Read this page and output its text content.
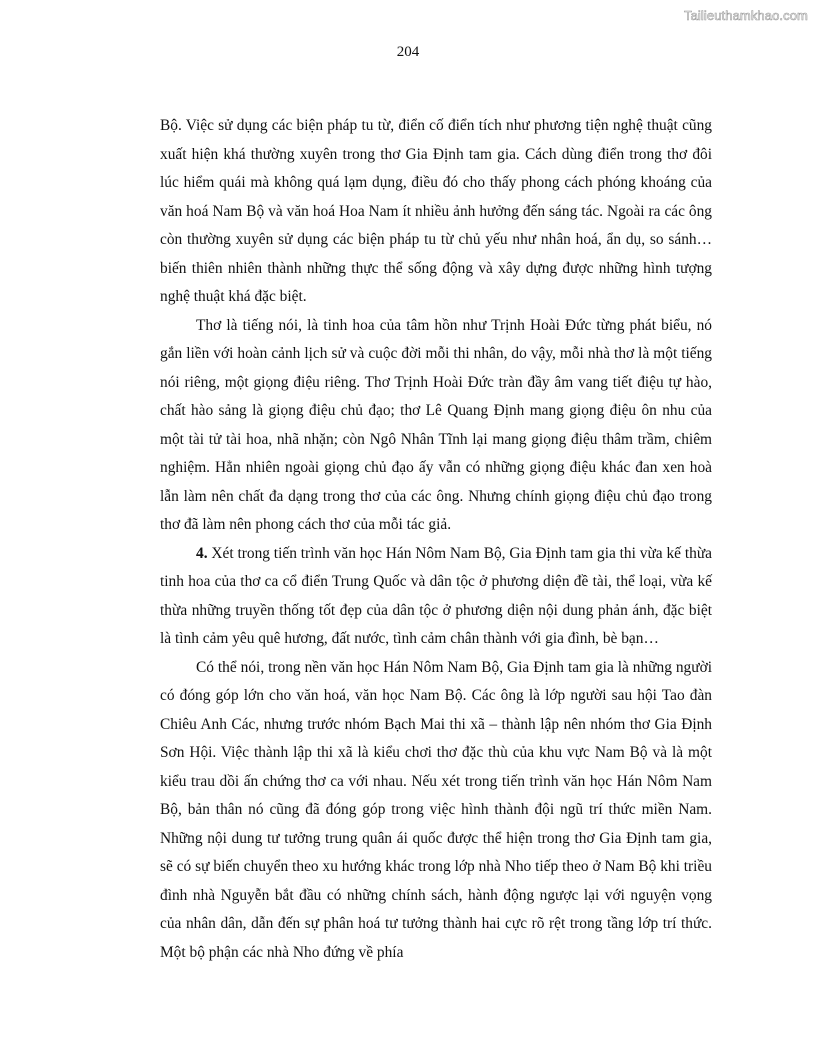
Tailieuthamkhao.com
204

Bộ. Việc sử dụng các biện pháp tu từ, điển cố điển tích như phương tiện nghệ thuật cũng xuất hiện khá thường xuyên trong thơ Gia Định tam gia. Cách dùng điển trong thơ đôi lúc hiểm quái mà không quá lạm dụng, điều đó cho thấy phong cách phóng khoáng của văn hoá Nam Bộ và văn hoá Hoa Nam ít nhiều ảnh hưởng đến sáng tác. Ngoài ra các ông còn thường xuyên sử dụng các biện pháp tu từ chủ yếu như nhân hoá, ẩn dụ, so sánh… biến thiên nhiên thành những thực thể sống động và xây dựng được những hình tượng nghệ thuật khá đặc biệt.

Thơ là tiếng nói, là tinh hoa của tâm hồn như Trịnh Hoài Đức từng phát biểu, nó gắn liền với hoàn cảnh lịch sử và cuộc đời mỗi thi nhân, do vậy, mỗi nhà thơ là một tiếng nói riêng, một giọng điệu riêng. Thơ Trịnh Hoài Đức tràn đầy âm vang tiết điệu tự hào, chất hào sảng là giọng điệu chủ đạo; thơ Lê Quang Định mang giọng điệu ôn nhu của một tài tử tài hoa, nhã nhặn; còn Ngô Nhân Tĩnh lại mang giọng điệu thâm trầm, chiêm nghiệm. Hẳn nhiên ngoài giọng chủ đạo ấy vẫn có những giọng điệu khác đan xen hoà lẫn làm nên chất đa dạng trong thơ của các ông. Nhưng chính giọng điệu chủ đạo trong thơ đã làm nên phong cách thơ của mỗi tác giả.

4. Xét trong tiến trình văn học Hán Nôm Nam Bộ, Gia Định tam gia thi vừa kế thừa tinh hoa của thơ ca cổ điển Trung Quốc và dân tộc ở phương diện đề tài, thể loại, vừa kế thừa những truyền thống tốt đẹp của dân tộc ở phương diện nội dung phản ánh, đặc biệt là tình cảm yêu quê hương, đất nước, tình cảm chân thành với gia đình, bè bạn…

Có thể nói, trong nền văn học Hán Nôm Nam Bộ, Gia Định tam gia là những người có đóng góp lớn cho văn hoá, văn học Nam Bộ. Các ông là lớp người sau hội Tao đàn Chiêu Anh Các, nhưng trước nhóm Bạch Mai thi xã – thành lập nên nhóm thơ Gia Định Sơn Hội. Việc thành lập thi xã là kiểu chơi thơ đặc thù của khu vực Nam Bộ và là một kiểu trau dồi ấn chứng thơ ca với nhau. Nếu xét trong tiến trình văn học Hán Nôm Nam Bộ, bản thân nó cũng đã đóng góp trong việc hình thành đội ngũ trí thức miền Nam. Những nội dung tư tưởng trung quân ái quốc được thể hiện trong thơ Gia Định tam gia, sẽ có sự biến chuyển theo xu hướng khác trong lớp nhà Nho tiếp theo ở Nam Bộ khi triều đình nhà Nguyễn bắt đầu có những chính sách, hành động ngược lại với nguyện vọng của nhân dân, dẫn đến sự phân hoá tư tưởng thành hai cực rõ rệt trong tầng lớp trí thức. Một bộ phận các nhà Nho đứng về phía
